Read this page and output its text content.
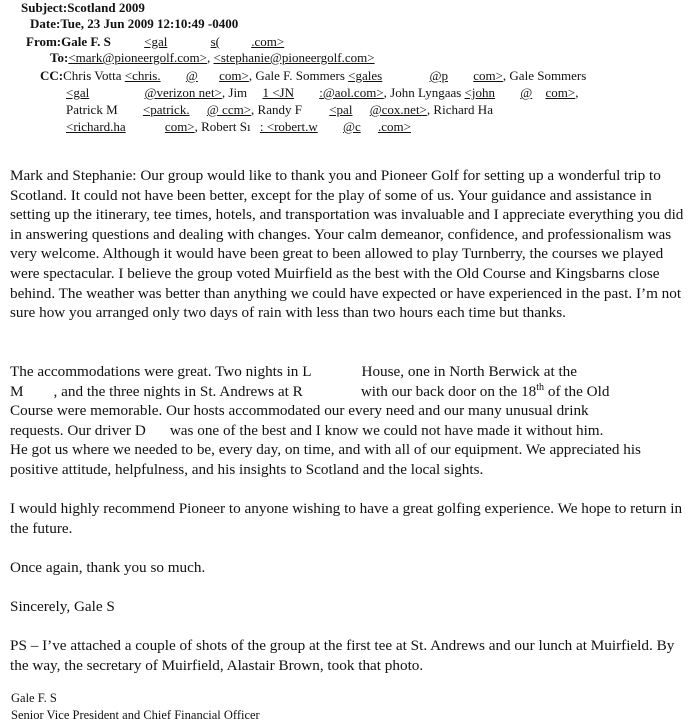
Subject:Scotland 2009
Date:Tue, 23 Jun 2009 12:10:49 -0400
From:Gale F. S	<gal	s( .com>
To:<mark@pioneergolf.com>, <stephanie@pioneergolf.com>
CC:Chris Votta <chris. @ com>, Gale F. Sommers <gales	@p com>, Gale Sommers
<gal	@verizon net>, Jim 1 <JN :@aol.com>, John Lyngaas <john @ com>,
Patrick M <patrick. @ ccm>, Randy F <pal @cox.net>, Richard Ha
<richard.ha	com>, Robert Sı : <robert.w @c .com>

Mark and Stephanie: Our group would like to thank you and Pioneer Golf for setting up a wonderful trip to Scotland. It could not have been better, except for the play of some of us. Your guidance and assistance in setting up the itinerary, tee times, hotels, and transportation was invaluable and I appreciate everything you did in answering questions and dealing with changes. Your calm demeanor, confidence, and professionalism was very welcome. Although it would have been great to been allowed to play Turnberry, the courses we played were spectacular. I believe the group voted Muirfield as the best with the Old Course and Kingsbarns close behind. The weather was better than anything we could have expected or have experienced in the past. I’m not sure how you arranged only two days of rain with less than two hours each time but thanks.

The accommodations were great. Two nights in L	House, one in North Berwick at the
M , and the three nights in St. Andrews at R	with our back door on the 18th of the Old
Course were memorable. Our hosts accommodated our every need and our many unusual drink
requests. Our driver D was one of the best and I know we could not have made it without him.
He got us where we needed to be, every day, on time, and with all of our equipment. We appreciated his positive attitude, helpfulness, and his insights to Scotland and the local sights.

I would highly recommend Pioneer to anyone wishing to have a great golfing experience. We hope to return in the future.

Once again, thank you so much.

Sincerely, Gale S

PS – I’ve attached a couple of shots of the group at the first tee at St. Andrews and our lunch at Muirfield. By the way, the secretary of Muirfield, Alastair Brown, took that photo.

Gale F. S
Senior Vice President and Chief Financial Officer
